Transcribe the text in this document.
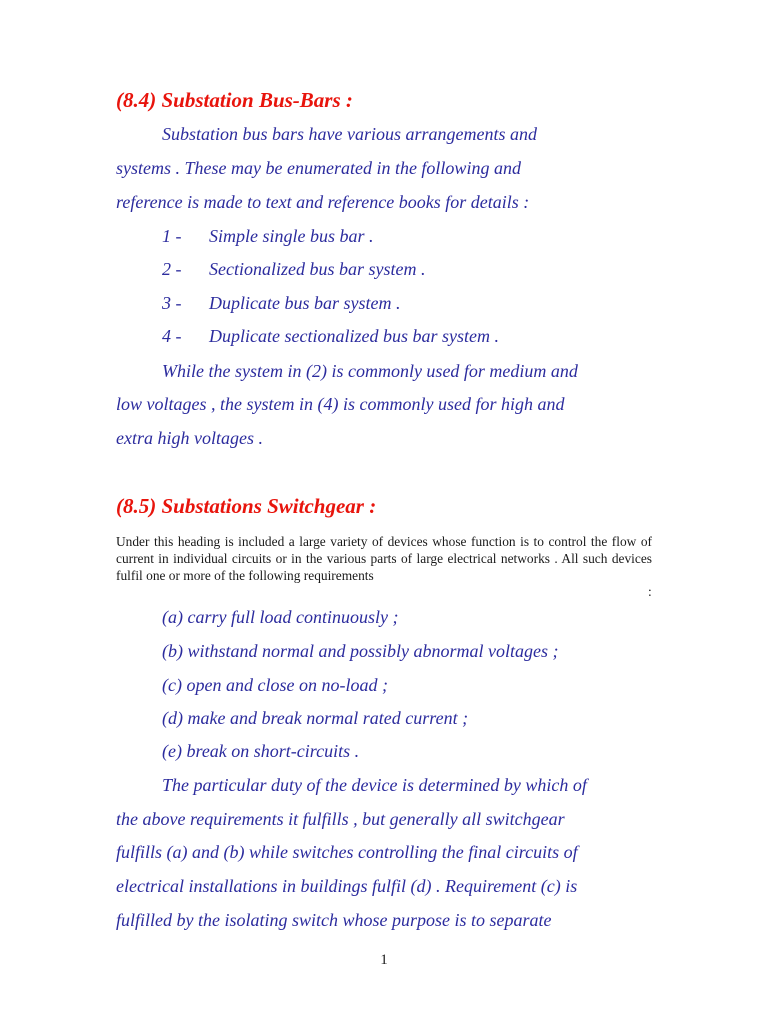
(8.4) Substation Bus-Bars :

Substation bus bars have various arrangements and

systems . These may be enumerated in the following and

reference is made to text and reference books for details :

1 - Simple single bus bar .
2 - Sectionalized bus bar system .
3 - Duplicate bus bar system .
4 - Duplicate sectionalized bus bar system .

While the system in (2) is commonly used for medium and

low voltages , the system in (4) is commonly used for high and

extra high voltages .

(8.5) Substations Switchgear :

Under this heading is included a large variety of devices whose function is to control the flow of current in individual circuits or in the various parts of large electrical networks . All such devices fulfil one or more of the following requirements

:

(a) carry full load continuously ;

(b) withstand normal and possibly abnormal voltages ;

(c) open and close on no-load ;

(d) make and break normal rated current ;

(e) break on short-circuits .

The particular duty of the device is determined by which of

the above requirements it fulfills , but generally all switchgear

fulfills (a) and (b) while switches controlling the final circuits of

electrical installations in buildings fulfil (d) . Requirement (c) is

fulfilled by the isolating switch whose purpose is to separate

1
